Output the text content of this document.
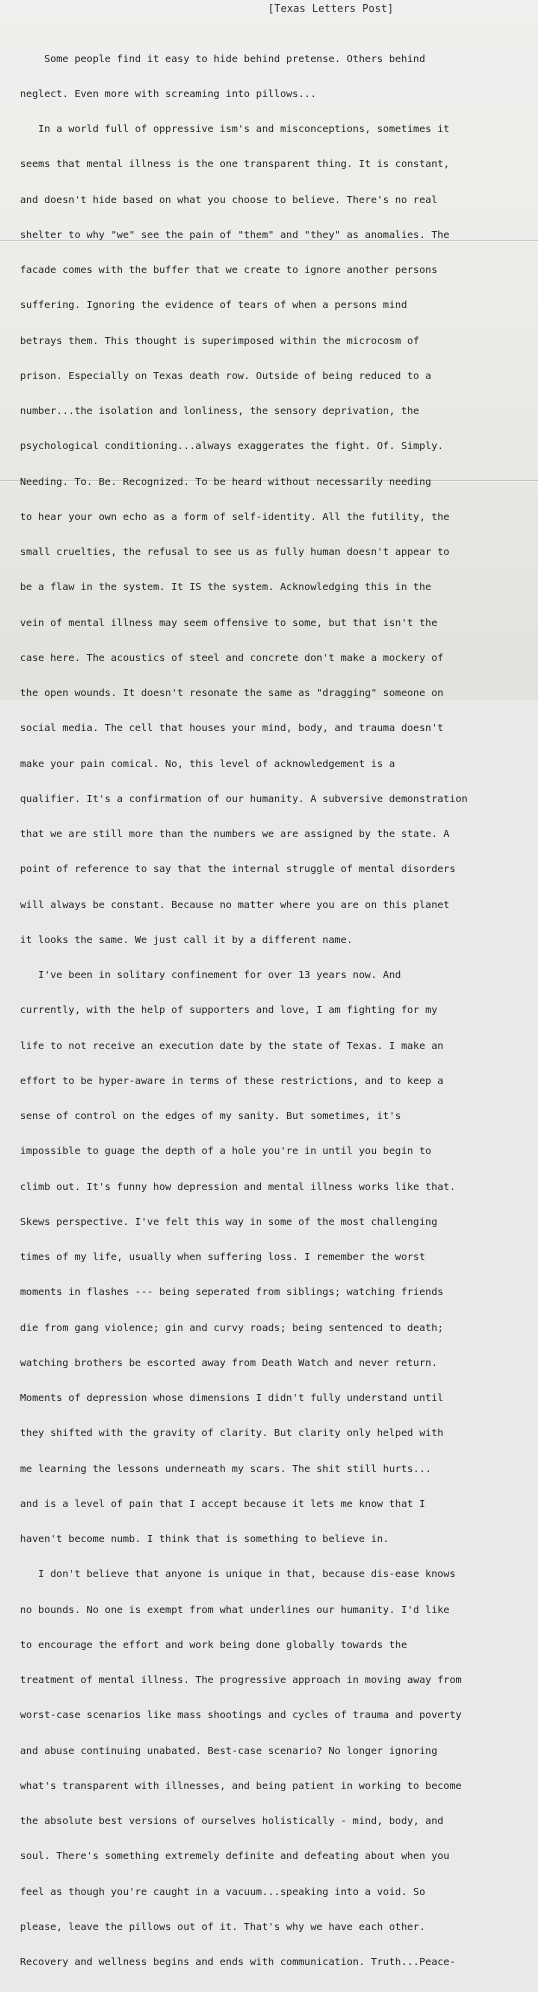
[Texas Letters Post]

Some people find it easy to hide behind pretense. Others behind

neglect. Even more with screaming into pillows...

In a world full of oppressive ism's and misconceptions, sometimes it

seems that mental illness is the one transparent thing. It is constant,

and doesn't hide based on what you choose to believe. There's no real

shelter to why "we" see the pain of "them" and "they" as anomalies. The

facade comes with the buffer that we create to ignore another persons

suffering. Ignoring the evidence of tears of when a persons mind

betrays them. This thought is superimposed within the microcosm of

prison. Especially on Texas death row. Outside of being reduced to a

number...the isolation and lonliness, the sensory deprivation, the

psychological conditioning...always exaggerates the fight. Of. Simply.

Needing. To. Be. Recognized. To be heard without necessarily needing

to hear your own echo as a form of self-identity. All the futility, the

small cruelties, the refusal to see us as fully human doesn't appear to

be a flaw in the system. It IS the system. Acknowledging this in the

vein of mental illness may seem offensive to some, but that isn't the

case here. The acoustics of steel and concrete don't make a mockery of

the open wounds. It doesn't resonate the same as "dragging" someone on

social media. The cell that houses your mind, body, and trauma doesn't

make your pain comical. No, this level of acknowledgement is a

qualifier. It's a confirmation of our humanity. A subversive demonstration

that we are still more than the numbers we are assigned by the state. A

point of reference to say that the internal struggle of mental disorders

will always be constant. Because no matter where you are on this planet

it looks the same. We just call it by a different name.

I've been in solitary confinement for over 13 years now. And

currently, with the help of supporters and love, I am fighting for my

life to not receive an execution date by the state of Texas. I make an

effort to be hyper-aware in terms of these restrictions, and to keep a

sense of control on the edges of my sanity. But sometimes, it's

impossible to guage the depth of a hole you're in until you begin to

climb out. It's funny how depression and mental illness works like that.

Skews perspective. I've felt this way in some of the most challenging

times of my life, usually when suffering loss. I remember the worst

moments in flashes --- being seperated from siblings; watching friends

die from gang violence; gin and curvy roads; being sentenced to death;

watching brothers be escorted away from Death Watch and never return.

Moments of depression whose dimensions I didn't fully understand until

they shifted with the gravity of clarity. But clarity only helped with

me learning the lessons underneath my scars. The shit still hurts...

and is a level of pain that I accept because it lets me know that I

haven't become numb. I think that is something to believe in.

I don't believe that anyone is unique in that, because dis-ease knows

no bounds. No one is exempt from what underlines our humanity. I'd like

to encourage the effort and work being done globally towards the

treatment of mental illness. The progressive approach in moving away from

worst-case scenarios like mass shootings and cycles of trauma and poverty

and abuse continuing unabated. Best-case scenario? No longer ignoring

what's transparent with illnesses, and being patient in working to become

the absolute best versions of ourselves holistically - mind, body, and

soul. There's something extremely definite and defeating about when you

feel as though you're caught in a vacuum...speaking into a void. So

please, leave the pillows out of it. That's why we have each other.

Recovery and wellness begins and ends with communication. Truth...Peace-
